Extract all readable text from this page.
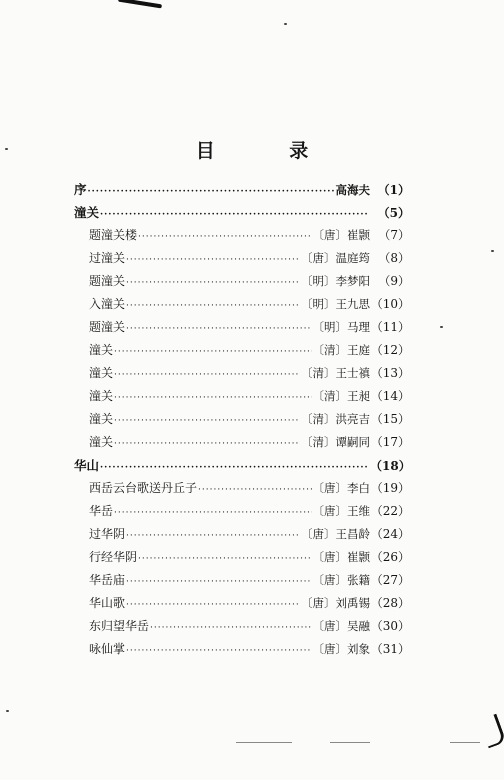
目 录
序 ·····	高海夫 （1）
潼关 ·····	（5）
题潼关楼 ·····	〔唐〕崔颢 （7）
过潼关 ·····	〔唐〕温庭筠 （8）
题潼关 ·····	〔明〕李梦阳 （9）
入潼关 ·····	〔明〕王九思 （10）
题潼关 ·····	〔明〕马理 （11）
潼关 ·····	〔清〕王庭 （12）
潼关 ·····	〔清〕王士禛 （13）
潼关 ·····	〔清〕王昶 （14）
潼关 ·····	〔清〕洪亮吉 （15）
潼关 ·····	〔清〕谭嗣同 （17）
华山 ·····	（18）
西岳云台歌送丹丘子 ·····	〔唐〕李白 （19）
华岳 ·····	〔唐〕王维 （22）
过华阴 ·····	〔唐〕王昌龄 （24）
行经华阴 ·····	〔唐〕崔颢 （26）
华岳庙 ·····	〔唐〕张籍 （27）
华山歌 ·····	〔唐〕刘禹锡 （28）
东归望华岳 ·····	〔唐〕吴融 （30）
咏仙掌 ·····	〔唐〕刘象 （31）
